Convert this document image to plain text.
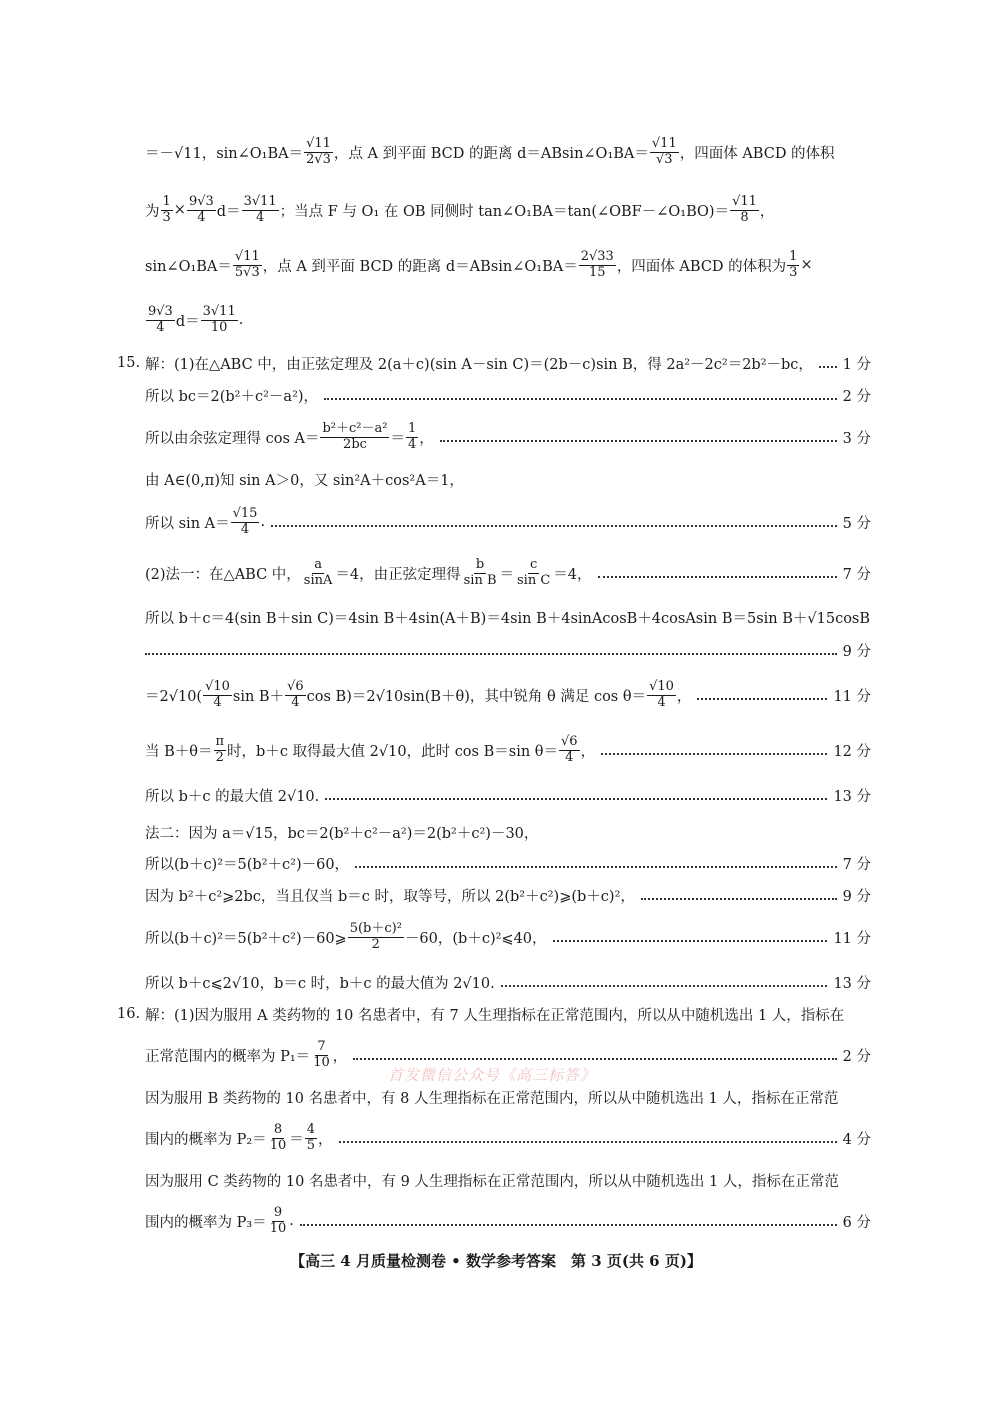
＝－√11，sin∠O₁BA＝ $\frac{√11}{2√3}$ ，点 A 到平面 BCD 的距离 d＝ABsin∠O₁BA＝ $\frac{√11}{√3}$ ，四面体 ABCD 的体积
为 $\frac{1}{3} \times \frac{9√3}{4} d= \frac{3√11}{4}$ ；当点 F 与 O₁ 在 OB 同侧时 tan∠O₁BA＝tan(∠OBF－∠O₁BO)＝ $\frac{√11}{8}$ ，
sin∠O₁BA＝ $\frac{√11}{5√3}$ ，点 A 到平面 BCD 的距离 d＝ABsin∠O₁BA＝ $\frac{2√33}{15}$ ，四面体 ABCD 的体积为 $\frac{1}{3}$ ×
$\frac{9√3}{4} d= \frac{3√11}{10}$ .
15. 解：(1)在△ABC 中，由正弦定理及 2(a＋c)(sin A－sin C)＝(2b－c)sin B，得 2a²－2c²＝2b²－bc， 1 分
所以 bc＝2(b²＋c²－a²)，	2 分
所以由余弦定理得 $\cos A= \frac{\text{b²＋c²－a²}}{2bc} = \frac{1}{4}$ ，	3 分
由 A∈(0,π)知 sin A＞0，又 sin²A＋cos²A＝1，
所以 $\sin A= \frac{√15}{4}$ .	5 分
(2)法一：在△ABC 中， $\frac{a}{\sin A} =4$，由正弦定理得 $\frac{b}{\text{sin B}} = \frac{c}{\text{sin C}} =4$，	7 分
所以 b＋c＝4(sin B＋sin C)＝4sin B＋4sin(A＋B)＝4sin B＋4sinAcosB＋4cosAsin B＝5sin B＋√15cosB
9 分
$=2√10( \frac{√10}{4}$ $\sin B+ \frac{√6}{4}$ cos B)＝2√10sin(B＋θ)，其中锐角 θ 满足 $\cos \theta= \frac{√10}{4}$ ，	11 分
当 $B+\theta= \frac{\pi}{2}$ 时，b＋c 取得最大值 2√10，此时 cos B＝sin $\theta= \frac{√6}{4}$ ，	12 分
所以 b＋c 的最大值 2√10.	13 分
法二：因为 a＝√15，bc＝2(b²＋c²－a²)＝2(b²＋c²)－30，
所以(b＋c)²＝5(b²＋c²)－60，	7 分
因为 b²＋c²⩾2bc，当且仅当 b＝c 时，取等号，所以 2(b²＋c²)⩾(b＋c)²，	9 分
所以(b＋c)²＝5(b²＋c²)－60⩾ $\frac{\text{5(b＋c)²}}{2} -60$，(b＋c)²⩽40，	11 分
所以 b＋c⩽2√10，b＝c 时，b＋c 的最大值为 2√10.	13 分
16. 解：(1)因为服用 A 类药物的 10 名患者中，有 7 人生理指标在正常范围内，所以从中随机选出 1 人，指标在
正常范围内的概率为 $P_1= \frac{7}{10}$ ，	2 分
因为服用 B 类药物的 10 名患者中，有 8 人生理指标在正常范围内，所以从中随机选出 1 人，指标在正常范
围内的概率为 $P_2= \frac{8}{10} = \frac{4}{5}$ ，	4 分
因为服用 C 类药物的 10 名患者中，有 9 人生理指标在正常范围内，所以从中随机选出 1 人，指标在正常范
围内的概率为 $P_3= \frac{9}{10}$ .	6 分
首发微信公众号《高三标答》
【高三 4 月质量检测卷 • 数学参考答案　第 3 页(共 6 页)】
